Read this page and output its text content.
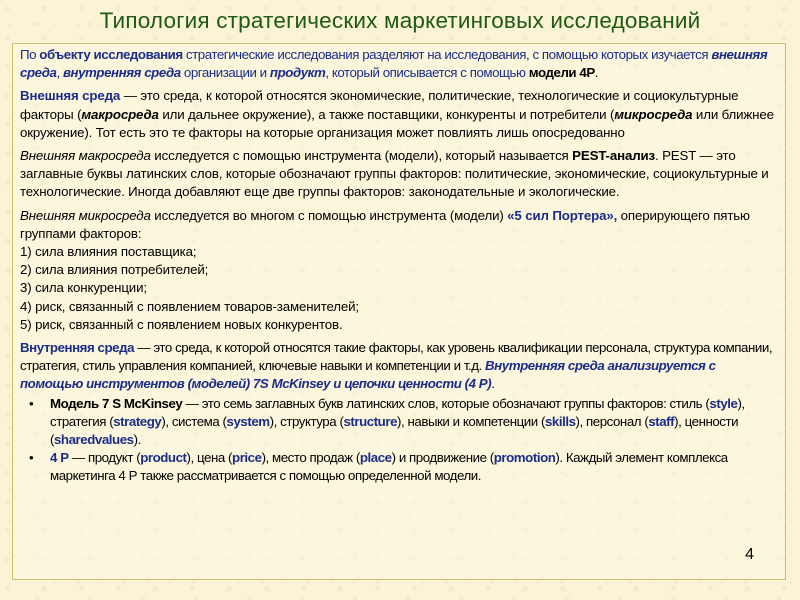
Типология стратегических маркетинговых исследований

По объекту исследования стратегические исследования разделяют на исследования, с помощью которых изучается внешняя среда, внутренняя среда организации и продукт, который описывается с помощью модели 4Р.

Внешняя среда — это среда, к которой относятся экономические, политические, технологические и социокультурные факторы (макросреда или дальнее окружение), а также поставщики, конкуренты и потребители (микросреда или ближнее окружение). Тот есть это те факторы на которые организация может повлиять лишь опосредованно

Внешняя макросреда исследуется с помощью инструмента (модели), который называется PEST-анализ. PEST — это заглавные буквы латинских слов, которые обозначают группы факторов: политические, экономические, социокультурные и технологические. Иногда добавляют еще две группы факторов: законодательные и экологические.

Внешняя микросреда исследуется во многом с помощью инструмента (модели) «5 сил Портера», оперирующего пятью группами факторов:

1) сила влияния поставщика;
2) сила влияния потребителей;
3) сила конкуренции;
4) риск, связанный с появлением товаров-заменителей;
5) риск, связанный с появлением новых конкурентов.

Внутренняя среда — это среда, к которой относятся такие факторы, как уровень квалификации персонала, структура компании, стратегия, стиль управления компанией, ключевые навыки и компетенции и т.д. Внутренняя среда анализируется с помощью инструментов (моделей) 7S McKinsey и цепочки ценности (4 Р).

• Модель 7 S McKinsey — это семь заглавных букв латинских слов, которые обозначают группы факторов: стиль (style), стратегия (strategy), система (system), структура (structure), навыки и компетенции (skills), персонал (staff), ценности (sharedvalues).
• 4 Р — продукт (product), цена (price), место продаж (place) и продвижение (promotion). Каждый элемент комплекса маркетинга 4 Р также рассматривается с помощью определенной модели.
4
